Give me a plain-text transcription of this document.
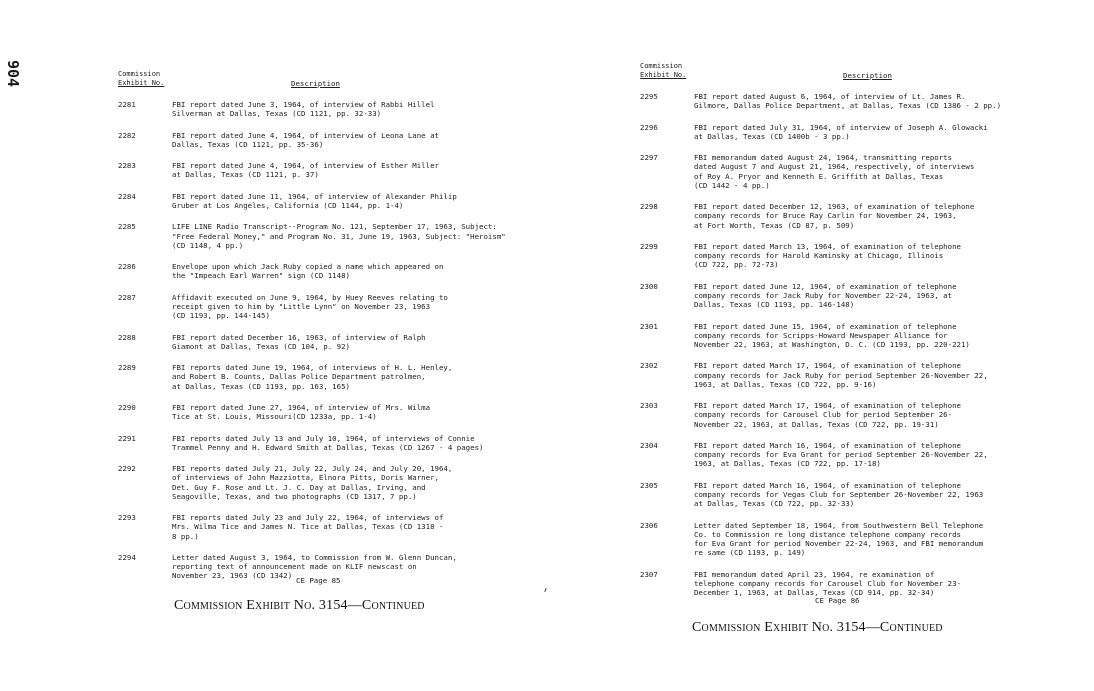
904	Commission
Exhibit No.	Description
2281	FBI report dated June 3, 1964, of interview of Rabbi Hillel
Silverman at Dallas, Texas (CD 1121, pp. 32-33)
2282	FBI report dated June 4, 1964, of interview of Leona Lane at
Dallas, Texas (CD 1121, pp. 35-36)
2283	FBI report dated June 4, 1964, of interview of Esther Miller
at Dallas, Texas (CD 1121, p. 37)
2284	FBI report dated June 11, 1964, of interview of Alexander Philip
Gruber at Los Angeles, California (CD 1144, pp. 1-4)
2285	LIFE LINE Radio Transcript--Program No. 121, September 17, 1963, Subject:
"Free Federal Money," and Program No. 31, June 19, 1963, Subject: "Heroism"
(CD 1148, 4 pp.)
2286	Envelope upon which Jack Ruby copied a name which appeared on
the "Impeach Earl Warren" sign (CD 1148)
2287	Affidavit executed on June 9, 1964, by Huey Reeves relating to
receipt given to him by "Little Lynn" on November 23, 1963
(CD 1193, pp. 144-145)
2288	FBI report dated December 16, 1963, of interview of Ralph
Giamont at Dallas, Texas (CD 104, p. 92)
2289	FBI reports dated June 19, 1964, of interviews of H. L. Henley,
and Robert B. Counts, Dallas Police Department patrolmen,
at Dallas, Texas (CD 1193, pp. 163, 165)
2290	FBI report dated June 27, 1964, of interview of Mrs. Wilma
Tice at St. Louis, Missouri(CD 1233a, pp. 1-4)
2291	FBI reports dated July 13 and July 10, 1964, of interviews of Connie
Trammel Penny and H. Edward Smith at Dallas, Texas (CD 1267 - 4 pages)
2292	FBI reports dated July 21, July 22, July 24, and July 20, 1964,
of interviews of John Mazziotta, Elnora Pitts, Doris Warner,
Det. Guy F. Rose and Lt. J. C. Day at Dallas, Irving, and
Seagoville, Texas, and two photographs (CD 1317, 7 pp.)
2293	FBI reports dated July 23 and July 22, 1964, of interviews of
Mrs. Wilma Tice and James N. Tice at Dallas, Texas (CD 1318 -
8 pp.)
2294	Letter dated August 3, 1964, to Commission from W. Glenn Duncan,
reporting text of announcement made on KLIF newscast on
November 23, 1963 (CD 1342)
CE Page 85
Commission Exhibit No. 3154—Continued
Commission
Exhibit No.	Description
2295	FBI report dated August 6, 1964, of interview of Lt. James R.
Gilmore, Dallas Police Department, at Dallas, Texas (CD 1386 - 2 pp.)
2296	FBI report dated July 31, 1964, of interview of Joseph A. Glowacki
at Dallas, Texas (CD 1400b - 3 pp.)
2297	FBI memorandum dated August 24, 1964, transmitting reports
dated August 7 and August 21, 1964, respectively, of interviews
of Roy A. Pryor and Kenneth E. Griffith at Dallas, Texas
(CD 1442 - 4 pp.)
2298	FBI report dated December 12, 1963, of examination of telephone
company records for Bruce Ray Carlin for November 24, 1963,
at Fort Worth, Texas (CD 87, p. 509)
2299	FBI report dated March 13, 1964, of examination of telephone
company records for Harold Kaminsky at Chicago, Illinois
(CD 722, pp. 72-73)
2300	FBI report dated June 12, 1964, of examination of telephone
company records for Jack Ruby for November 22-24, 1963, at
Dallas, Texas (CD 1193, pp. 146-148)
2301	FBI report dated June 15, 1964, of examination of telephone
company records for Scripps-Howard Newspaper Alliance for
November 22, 1963, at Washington, D. C. (CD 1193, pp. 220-221)
2302	FBI report dated March 17, 1964, of examination of telephone
company records for Jack Ruby for period September 26-November 22,
1963, at Dallas, Texas (CD 722, pp. 9-16)
2303	FBI report dated March 17, 1964, of examination of telephone
company records for Carousel Club for period September 26-
November 22, 1963, at Dallas, Texas (CD 722, pp. 19-31)
2304	FBI report dated March 16, 1964, of examination of telephone
company records for Eva Grant for period September 26-November 22,
1963, at Dallas, Texas (CD 722, pp. 17-18)
2305	FBI report dated March 16, 1964, of examination of telephone
company records for Vegas Club for September 26-November 22, 1963
at Dallas, Texas (CD 722, pp. 32-33)
2306	Letter dated September 18, 1964, from Southwestern Bell Telephone
Co. to Commission re long distance telephone company records
for Eva Grant for period November 22-24, 1963, and FBI memorandum
re same (CD 1193, p. 149)
2307	FBI memorandum dated April 23, 1964, re examination of
telephone company records for Carousel Club for November 23-
December 1, 1963, at Dallas, Texas (CD 914, pp. 32-34)
CE Page 86
Commission Exhibit No. 3154—Continued
